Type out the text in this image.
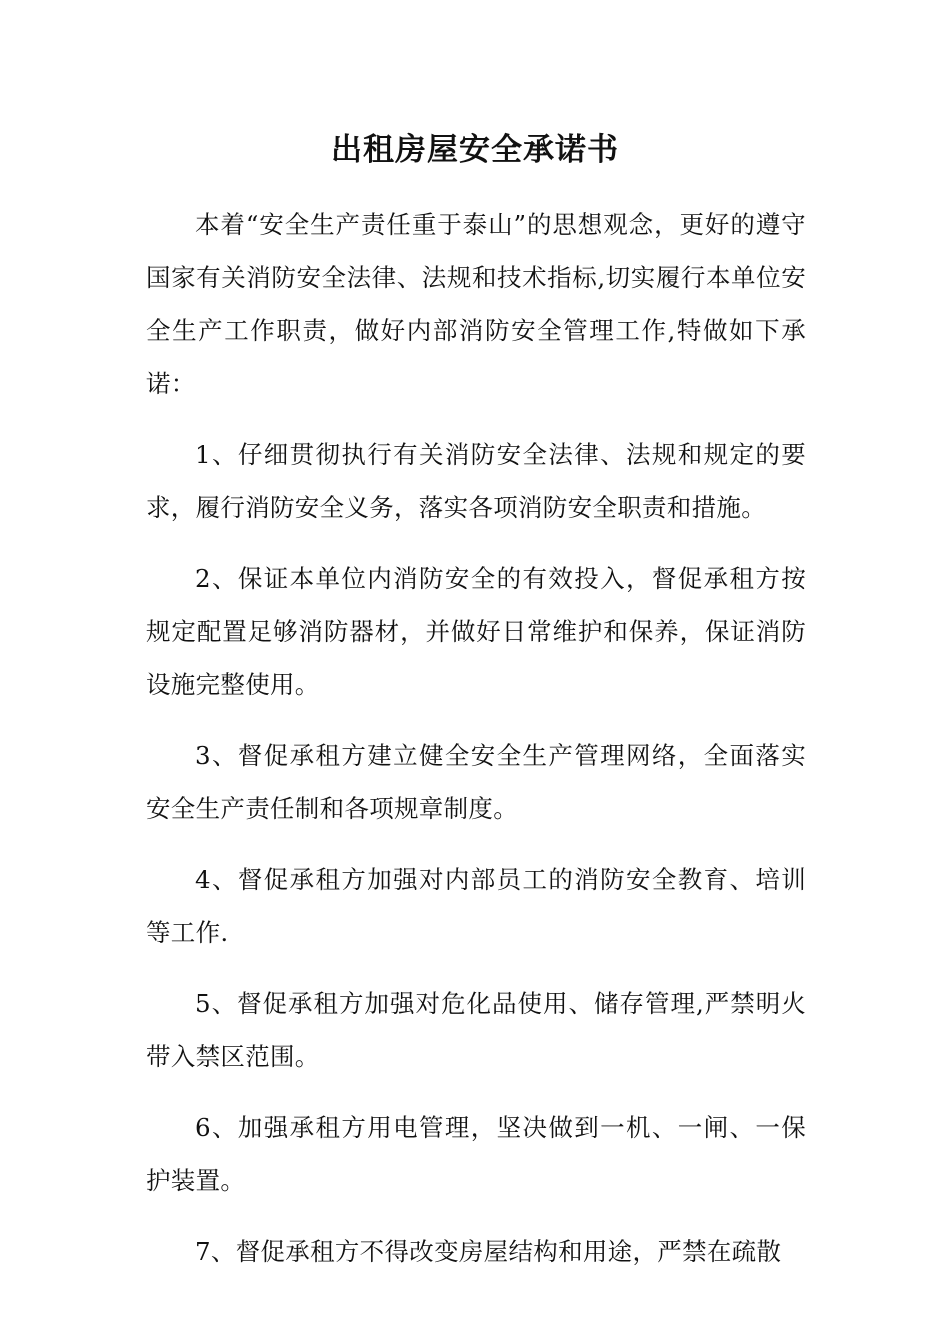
出租房屋安全承诺书

本着“安全生产责任重于泰山”的思想观念，更好的遵守国家有关消防安全法律、法规和技术指标,切实履行本单位安全生产工作职责，做好内部消防安全管理工作,特做如下承诺：

1、仔细贯彻执行有关消防安全法律、法规和规定的要求，履行消防安全义务，落实各项消防安全职责和措施。

2、保证本单位内消防安全的有效投入，督促承租方按规定配置足够消防器材，并做好日常维护和保养，保证消防设施完整使用。

3、督促承租方建立健全安全生产管理网络，全面落实安全生产责任制和各项规章制度。

4、督促承租方加强对内部员工的消防安全教育、培训等工作.

5、督促承租方加强对危化品使用、储存管理,严禁明火带入禁区范围。

6、加强承租方用电管理，坚决做到一机、一闸、一保护装置。

7、督促承租方不得改变房屋结构和用途，严禁在疏散
